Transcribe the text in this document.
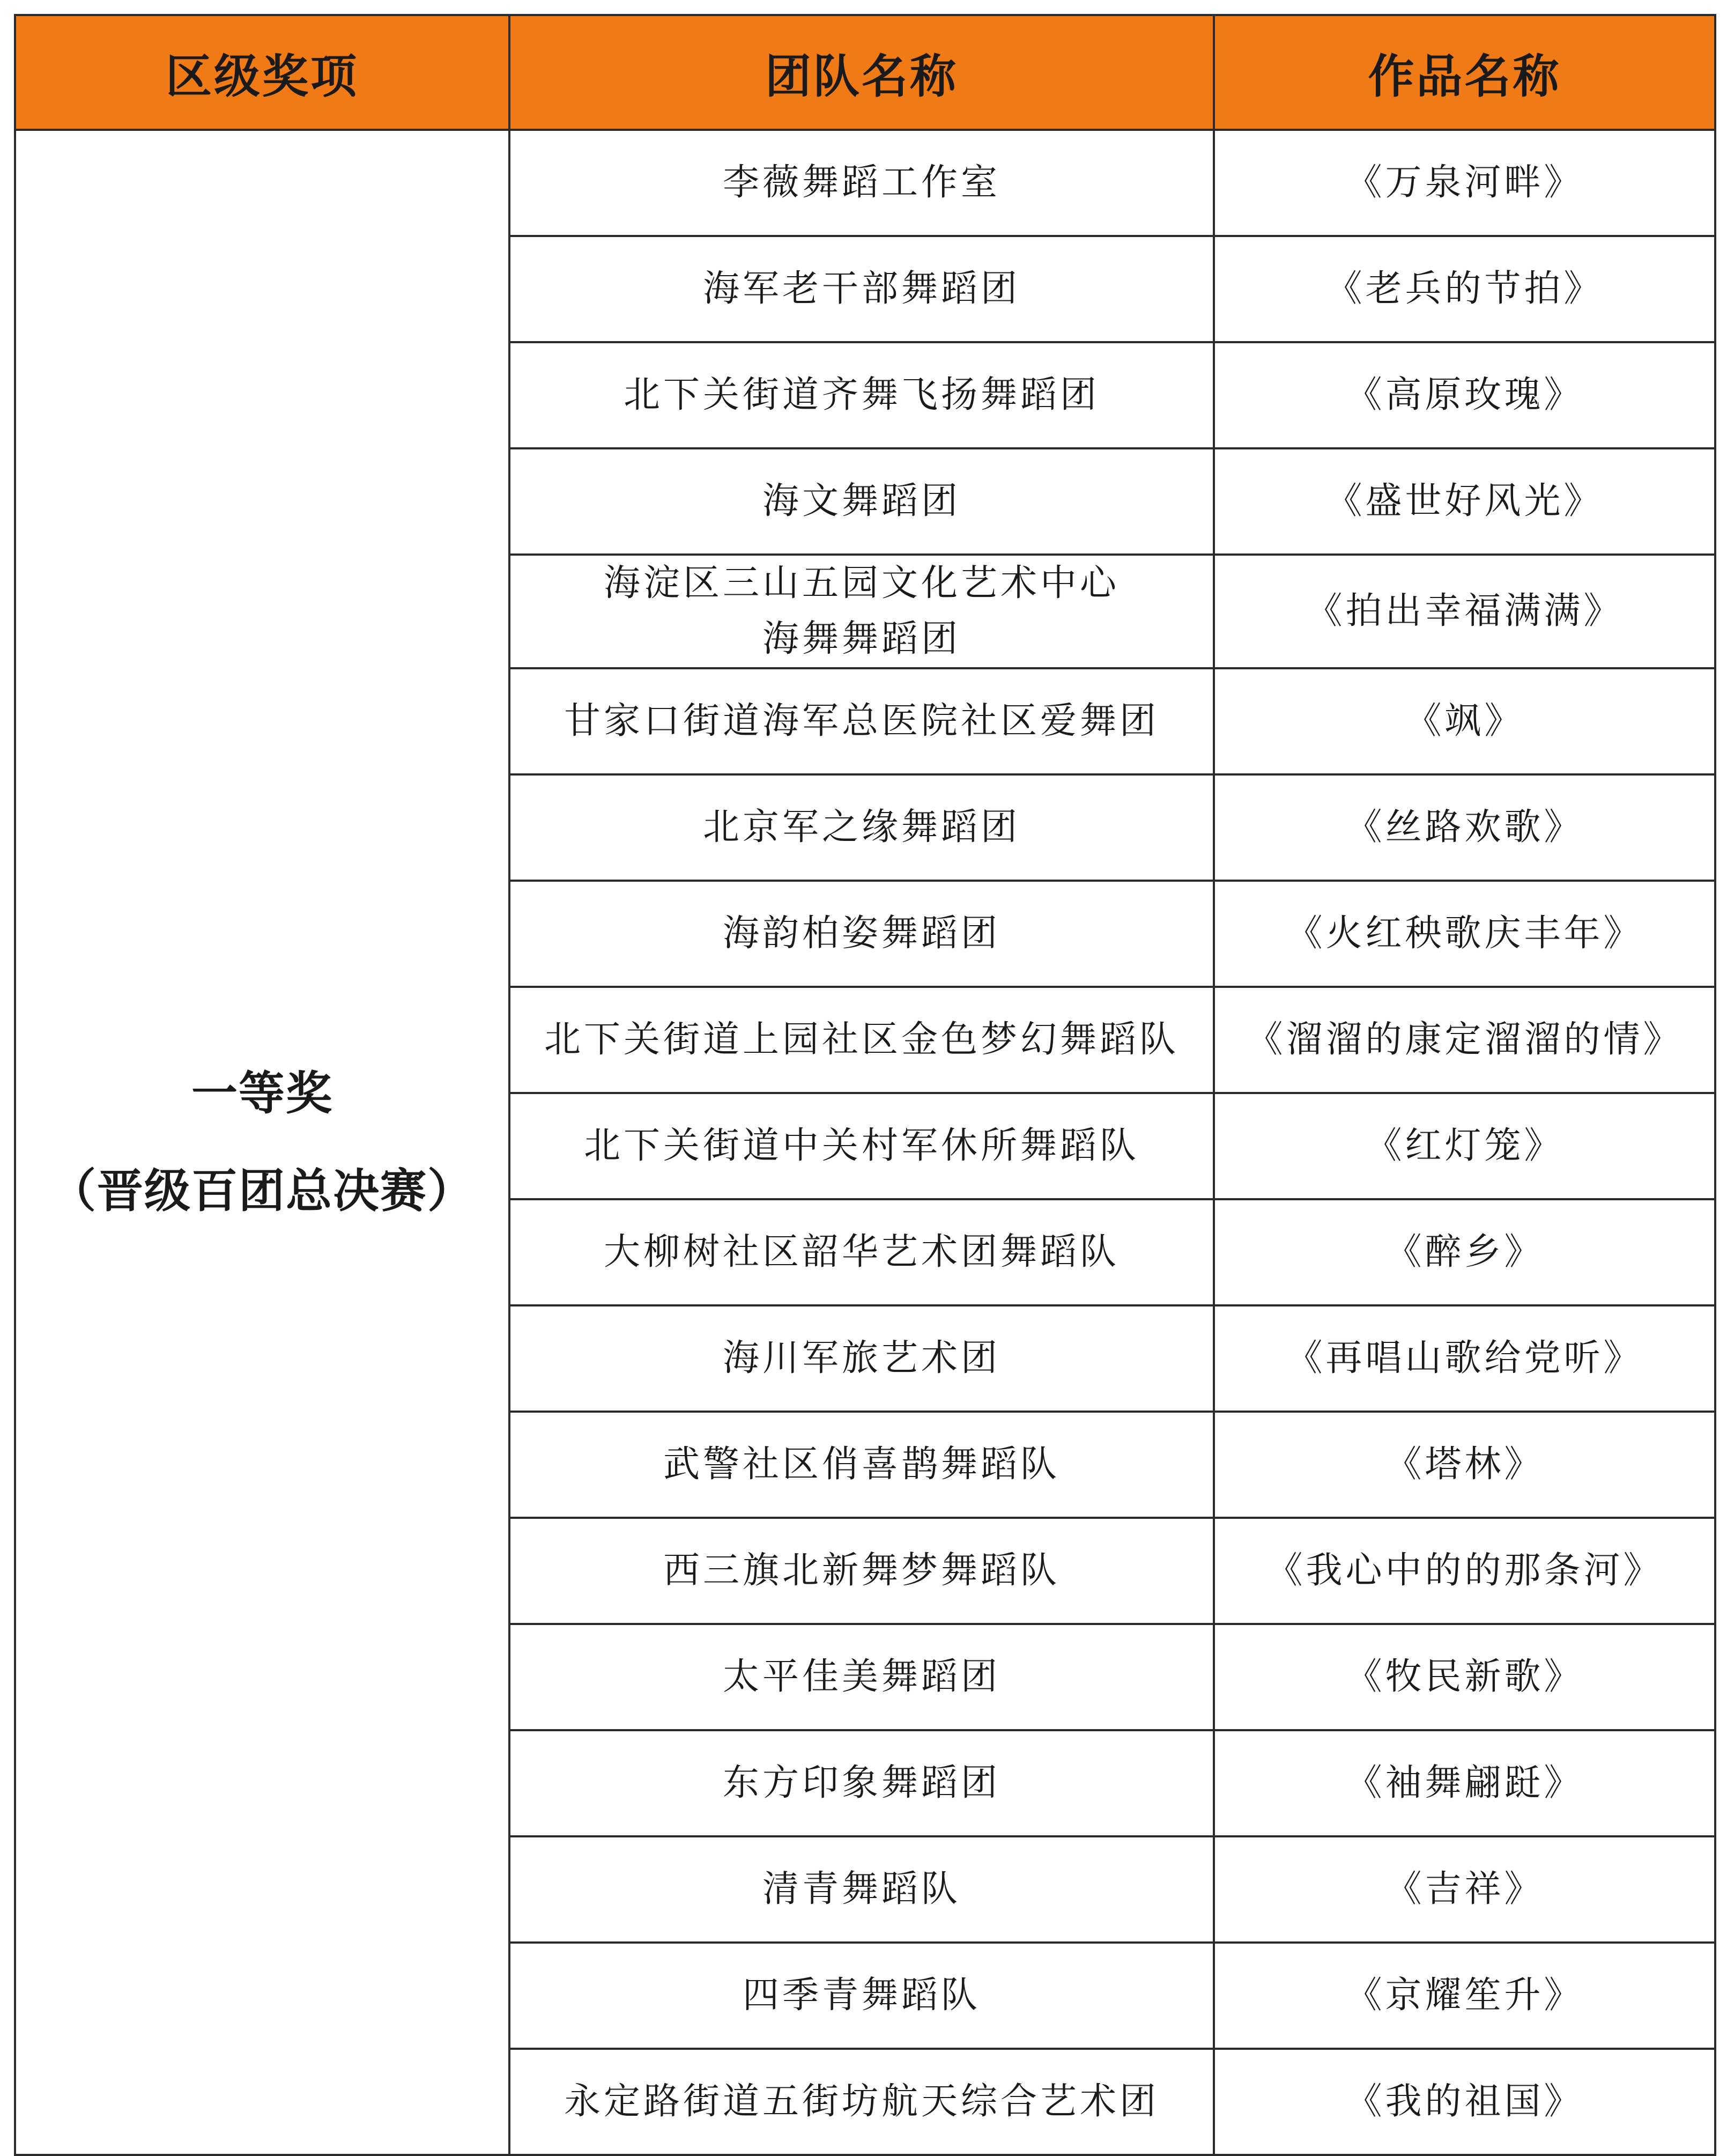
区级奖项	团队名称	作品名称

一等奖
（晋级百团总决赛）	李薇舞蹈工作室	《万泉河畔》
	海军老干部舞蹈团	《老兵的节拍》
	北下关街道齐舞飞扬舞蹈团	《高原玫瑰》
	海文舞蹈团	《盛世好风光》

	海淀区三山五园文化艺术中心
海舞舞蹈团	《拍出幸福满满》
	甘家口街道海军总医院社区爱舞团	《飒》
	北京军之缘舞蹈团	《丝路欢歌》
	海韵柏姿舞蹈团	《火红秧歌庆丰年》
	北下关街道上园社区金色梦幻舞蹈队	《溜溜的康定溜溜的情》
	北下关街道中关村军休所舞蹈队	《红灯笼》
	大柳树社区韶华艺术团舞蹈队	《醉乡》
	海川军旅艺术团	《再唱山歌给党听》
	武警社区俏喜鹊舞蹈队	《塔林》
	西三旗北新舞梦舞蹈队	《我心中的的那条河》
	太平佳美舞蹈团	《牧民新歌》
	东方印象舞蹈团	《袖舞翩跹》
	清青舞蹈队	《吉祥》
	四季青舞蹈队	《京耀笙升》
	永定路街道五街坊航天综合艺术团	《我的祖国》
